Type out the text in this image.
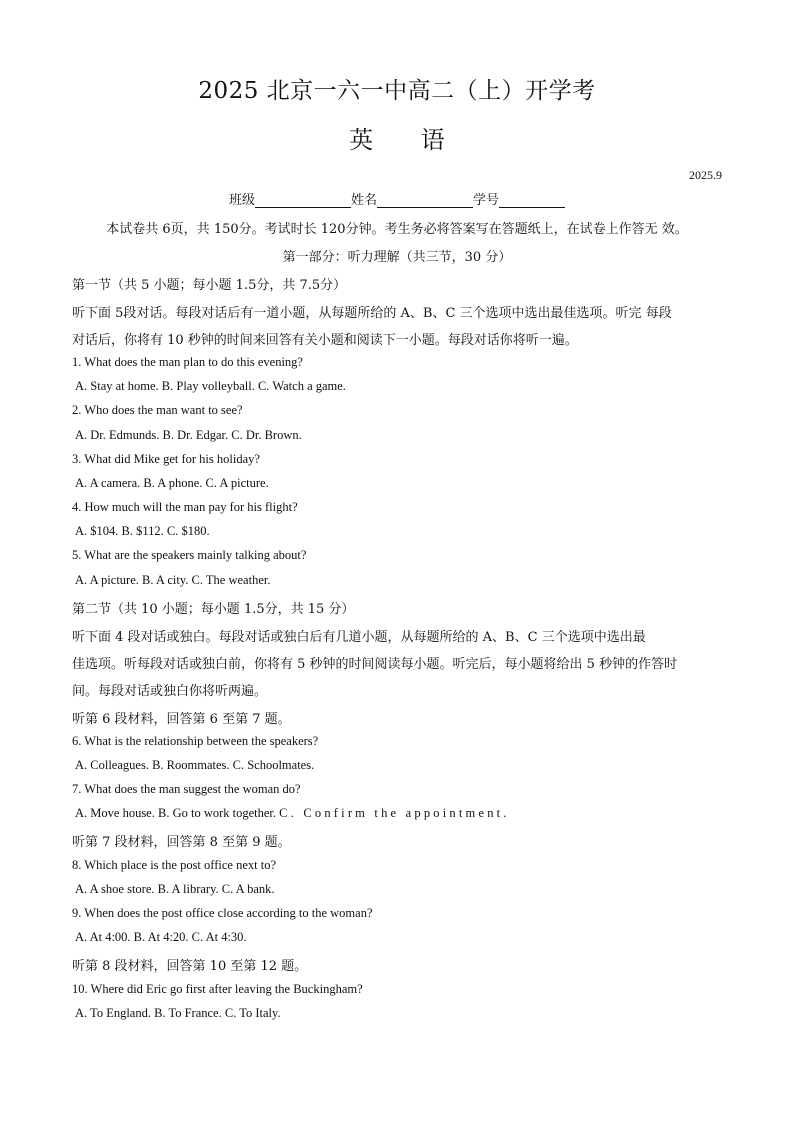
2025 北京一六一中高二（上）开学考
英 语
2025.9
班级	姓名	学号
本试卷共 6页，共 150分。考试时长 120分钟。考生务必将答案写在答题纸上，在试卷上作答无 效。
第一部分：听力理解（共三节，30 分）
第一节（共 5 小题；每小题 1.5分，共 7.5分）
听下面 5段对话。每段对话后有一道小题，从每题所给的 A、B、C 三个选项中选出最佳选项。听完 每段
对话后，你将有 10 秒钟的时间来回答有关小题和阅读下一小题。每段对话你将听一遍。
1. What does the man plan to do this evening?
A. Stay at home. B. Play volleyball. C. Watch a game.
2. Who does the man want to see?
A. Dr. Edmunds. B. Dr. Edgar. C. Dr. Brown.
3. What did Mike get for his holiday?
A. A camera. B. A phone. C. A picture.
4. How much will the man pay for his flight?
A. $104. B. $112. C. $180.
5. What are the speakers mainly talking about?
A. A picture. B. A city. C. The weather.
第二节（共 10 小题；每小题 1.5分，共 15 分）
听下面 4 段对话或独白。每段对话或独白后有几道小题，从每题所给的 A、B、C 三个选项中选出最
佳选项。听每段对话或独白前，你将有 5 秒钟的时间阅读每小题。听完后，每小题将给出 5 秒钟的作答时
间。每段对话或独白你将听两遍。
听第 6 段材料，回答第 6 至第 7 题。
6. What is the relationship between the speakers?
A. Colleagues. B. Roommates. C. Schoolmates.
7. What does the man suggest the woman do?
A. Move house. B. Go to work together. C. Confirm the appointment.
听第 7 段材料，回答第 8 至第 9 题。
8. Which place is the post office next to?
A. A shoe store. B. A library. C. A bank.
9. When does the post office close according to the woman?
A. At 4:00. B. At 4:20. C. At 4:30.
听第 8 段材料，回答第 10 至第 12 题。
10. Where did Eric go first after leaving the Buckingham?
A. To England. B. To France. C. To Italy.
